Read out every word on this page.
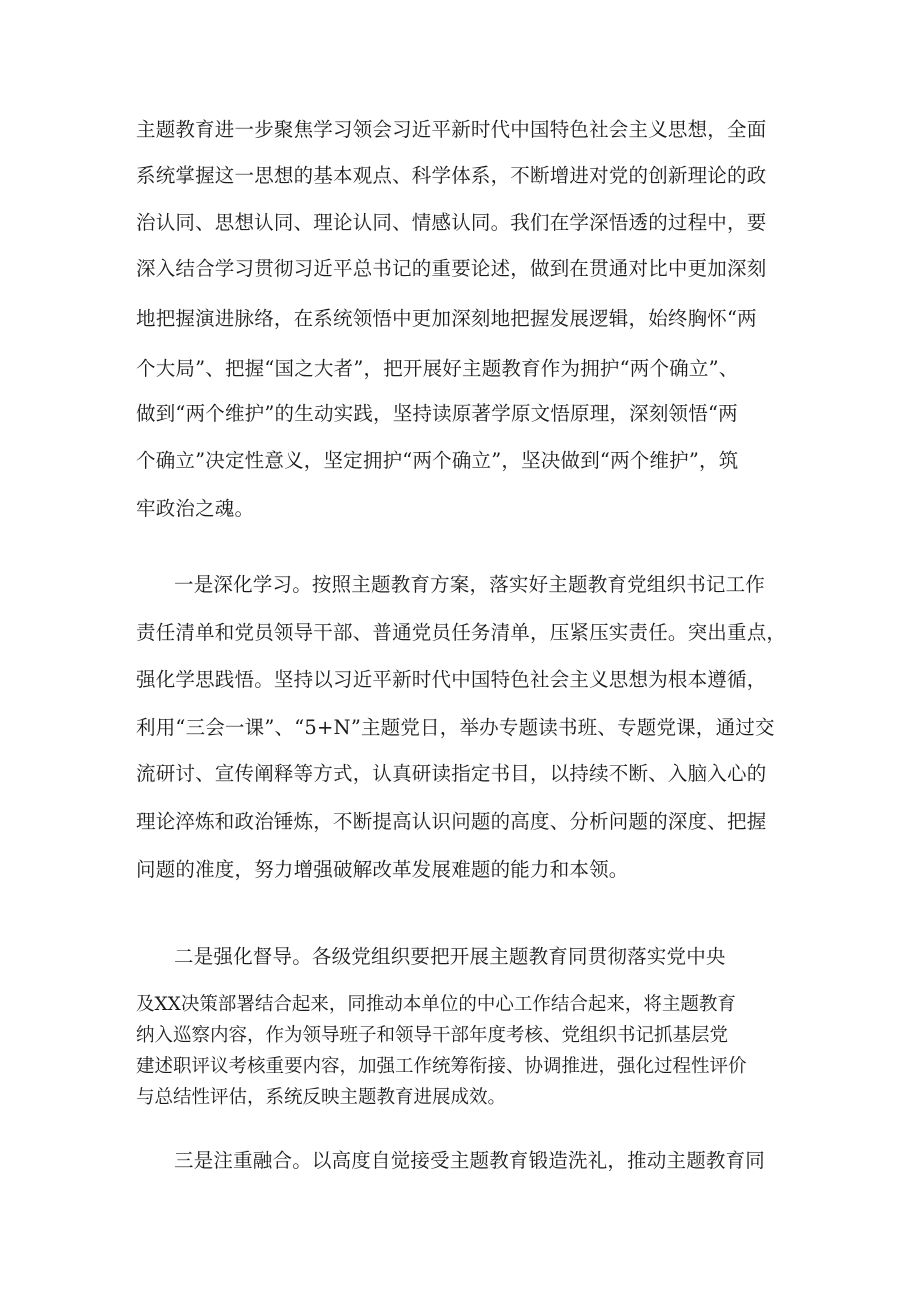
主题教育进一步聚焦学习领会习近平新时代中国特色社会主义思想，全面
系统掌握这一思想的基本观点、科学体系，不断增进对党的创新理论的政
治认同、思想认同、理论认同、情感认同。我们在学深悟透的过程中，要
深入结合学习贯彻习近平总书记的重要论述，做到在贯通对比中更加深刻
地把握演进脉络，在系统领悟中更加深刻地把握发展逻辑，始终胸怀“两
个大局”、把握“国之大者”，把开展好主题教育作为拥护“两个确立”、
做到“两个维护”的生动实践，坚持读原著学原文悟原理，深刻领悟“两
个确立”决定性意义，坚定拥护“两个确立”，坚决做到“两个维护”，筑
牢政治之魂。
一是深化学习。按照主题教育方案，落实好主题教育党组织书记工作
责任清单和党员领导干部、普通党员任务清单，压紧压实责任。突出重点，
强化学思践悟。坚持以习近平新时代中国特色社会主义思想为根本遵循，
利用“三会一课”、“5+N”主题党日，举办专题读书班、专题党课，通过交
流研讨、宣传阐释等方式，认真研读指定书目，以持续不断、入脑入心的
理论淬炼和政治锤炼，不断提高认识问题的高度、分析问题的深度、把握
问题的准度，努力增强破解改革发展难题的能力和本领。
二是强化督导。各级党组织要把开展主题教育同贯彻落实党中央
及XX决策部署结合起来，同推动本单位的中心工作结合起来，将主题教育
纳入巡察内容，作为领导班子和领导干部年度考核、党组织书记抓基层党
建述职评议考核重要内容，加强工作统筹衔接、协调推进，强化过程性评价
与总结性评估，系统反映主题教育进展成效。
三是注重融合。以高度自觉接受主题教育锻造洗礼，推动主题教育同
